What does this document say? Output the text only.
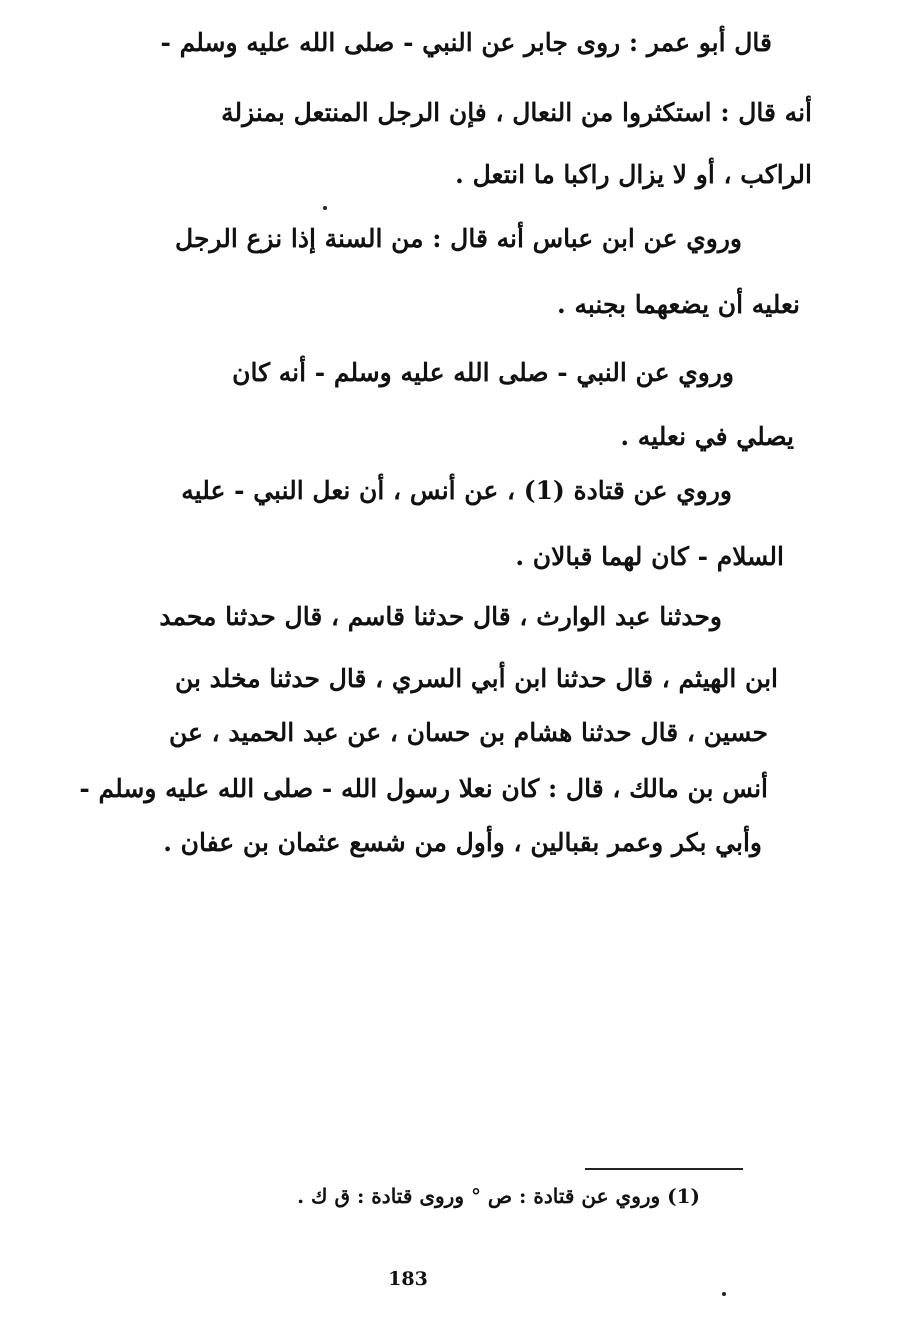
قال أبو عمر : روى جابر عن النبي - صلى الله عليه وسلم -
أنه قال : استكثروا من النعال ، فإن الرجل المنتعل بمنزلة
الراكب ، أو لا يزال راكبا ما انتعل .
وروي عن ابن عباس أنه قال : من السنة إذا نزع الرجل
نعليه أن يضعهما بجنبه .
وروي عن النبي - صلى الله عليه وسلم - أنه كان
يصلي في نعليه .
وروي عن قتادة (1) ، عن أنس ، أن نعل النبي - عليه
السلام - كان لهما قبالان .
وحدثنا عبد الوارث ، قال حدثنا قاسم ، قال حدثنا محمد
ابن الهيثم ، قال حدثنا ابن أبي السري ، قال حدثنا مخلد بن
حسين ، قال حدثنا هشام بن حسان ، عن عبد الحميد ، عن
أنس بن مالك ، قال : كان نعلا رسول الله - صلى الله عليه وسلم -
وأبي بكر وعمر بقبالين ، وأول من شسع عثمان بن عفان .
(1) وروي عن قتادة : ص ° وروى قتادة : ق ك .
183
